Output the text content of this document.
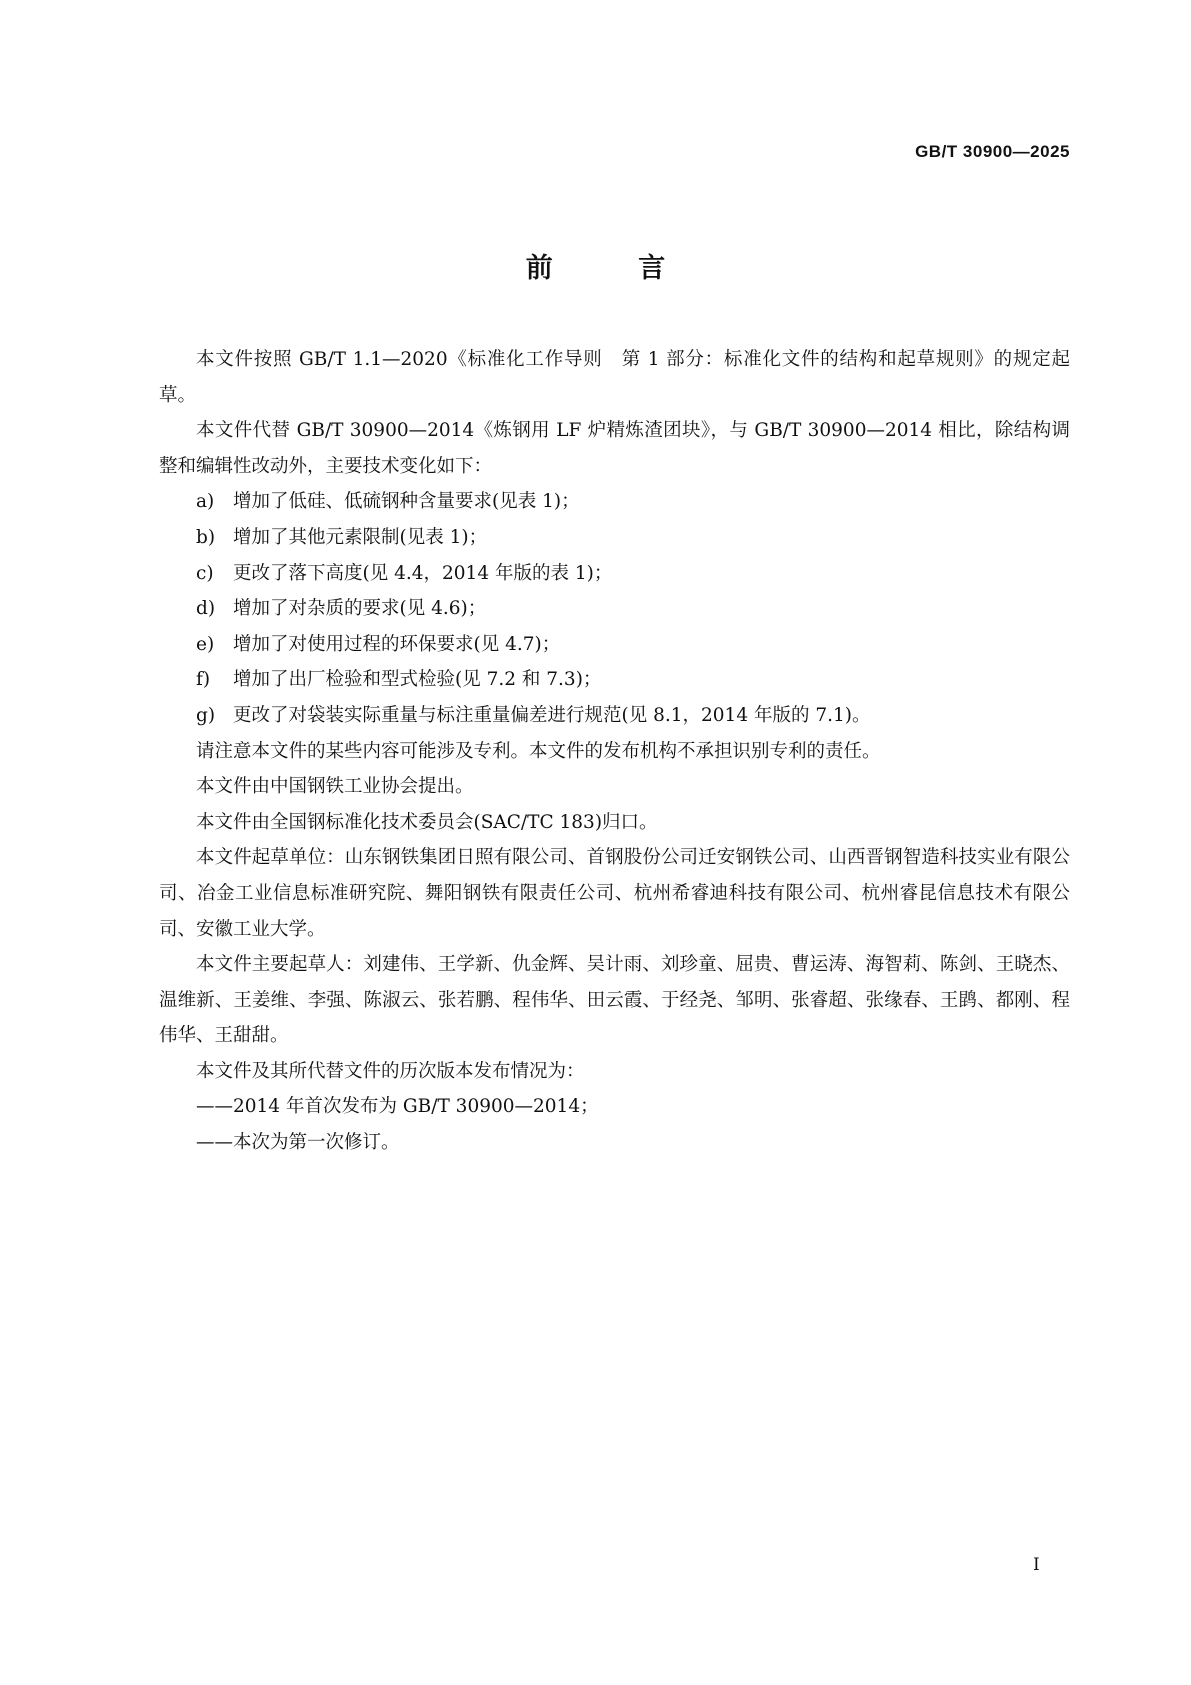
GB/T 30900—2025
前 言

本文件按照 GB/T 1.1—2020《标准化工作导则　第 1 部分：标准化文件的结构和起草规则》的规定起草。

本文件代替 GB/T 30900—2014《炼钢用 LF 炉精炼渣团块》，与 GB/T 30900—2014 相比，除结构调整和编辑性改动外，主要技术变化如下：

a) 增加了低硅、低硫钢种含量要求(见表 1)；

b) 增加了其他元素限制(见表 1)；

c) 更改了落下高度(见 4.4，2014 年版的表 1)；

d) 增加了对杂质的要求(见 4.6)；

e) 增加了对使用过程的环保要求(见 4.7)；

f) 增加了出厂检验和型式检验(见 7.2 和 7.3)；

g) 更改了对袋装实际重量与标注重量偏差进行规范(见 8.1，2014 年版的 7.1)。

请注意本文件的某些内容可能涉及专利。本文件的发布机构不承担识别专利的责任。

本文件由中国钢铁工业协会提出。

本文件由全国钢标准化技术委员会(SAC/TC 183)归口。

本文件起草单位：山东钢铁集团日照有限公司、首钢股份公司迁安钢铁公司、山西晋钢智造科技实业有限公司、冶金工业信息标准研究院、舞阳钢铁有限责任公司、杭州希睿迪科技有限公司、杭州睿昆信息技术有限公司、安徽工业大学。

本文件主要起草人：刘建伟、王学新、仇金辉、吴计雨、刘珍童、屈贵、曹运涛、海智莉、陈剑、王晓杰、温维新、王姜维、李强、陈淑云、张若鹏、程伟华、田云霞、于经尧、邹明、张睿超、张缘春、王鹍、都刚、程伟华、王甜甜。

本文件及其所代替文件的历次版本发布情况为：

——2014 年首次发布为 GB/T 30900—2014；

——本次为第一次修订。

I
